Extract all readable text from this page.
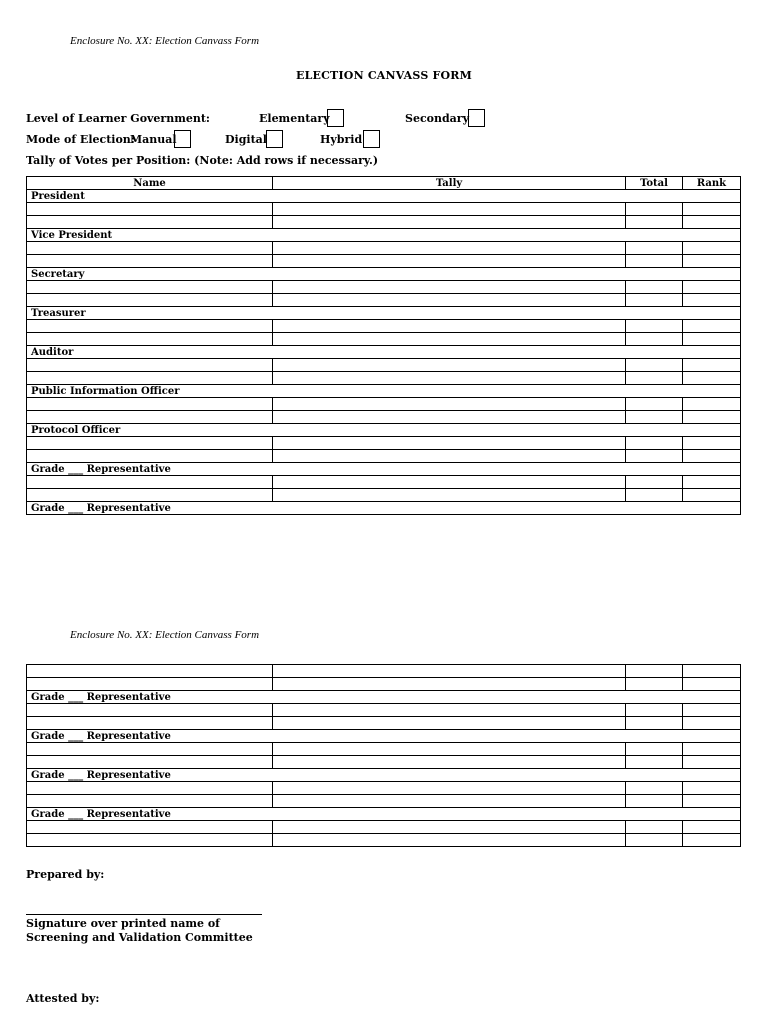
Enclosure No. XX: Election Canvass Form
ELECTION CANVASS FORM
Level of Learner Government:	Elementary	Secondary
Mode of Election:
Manual	Digital	Hybrid
Tally of Votes per Position: (Note: Add rows if necessary.)
Name	Tally	Total	Rank
President			

Vice President			

Secretary			

Treasurer			

Auditor			

Public Information Officer			

Protocol Officer			

Grade ___ Representative			

Grade ___ Representative			
Enclosure No. XX: Election Canvass Form

Grade ___ Representative			

Grade ___ Representative			

Grade ___ Representative			

Grade ___ Representative			

Prepared by:
Signature over printed name of
Screening and Validation Committee
Attested by:
